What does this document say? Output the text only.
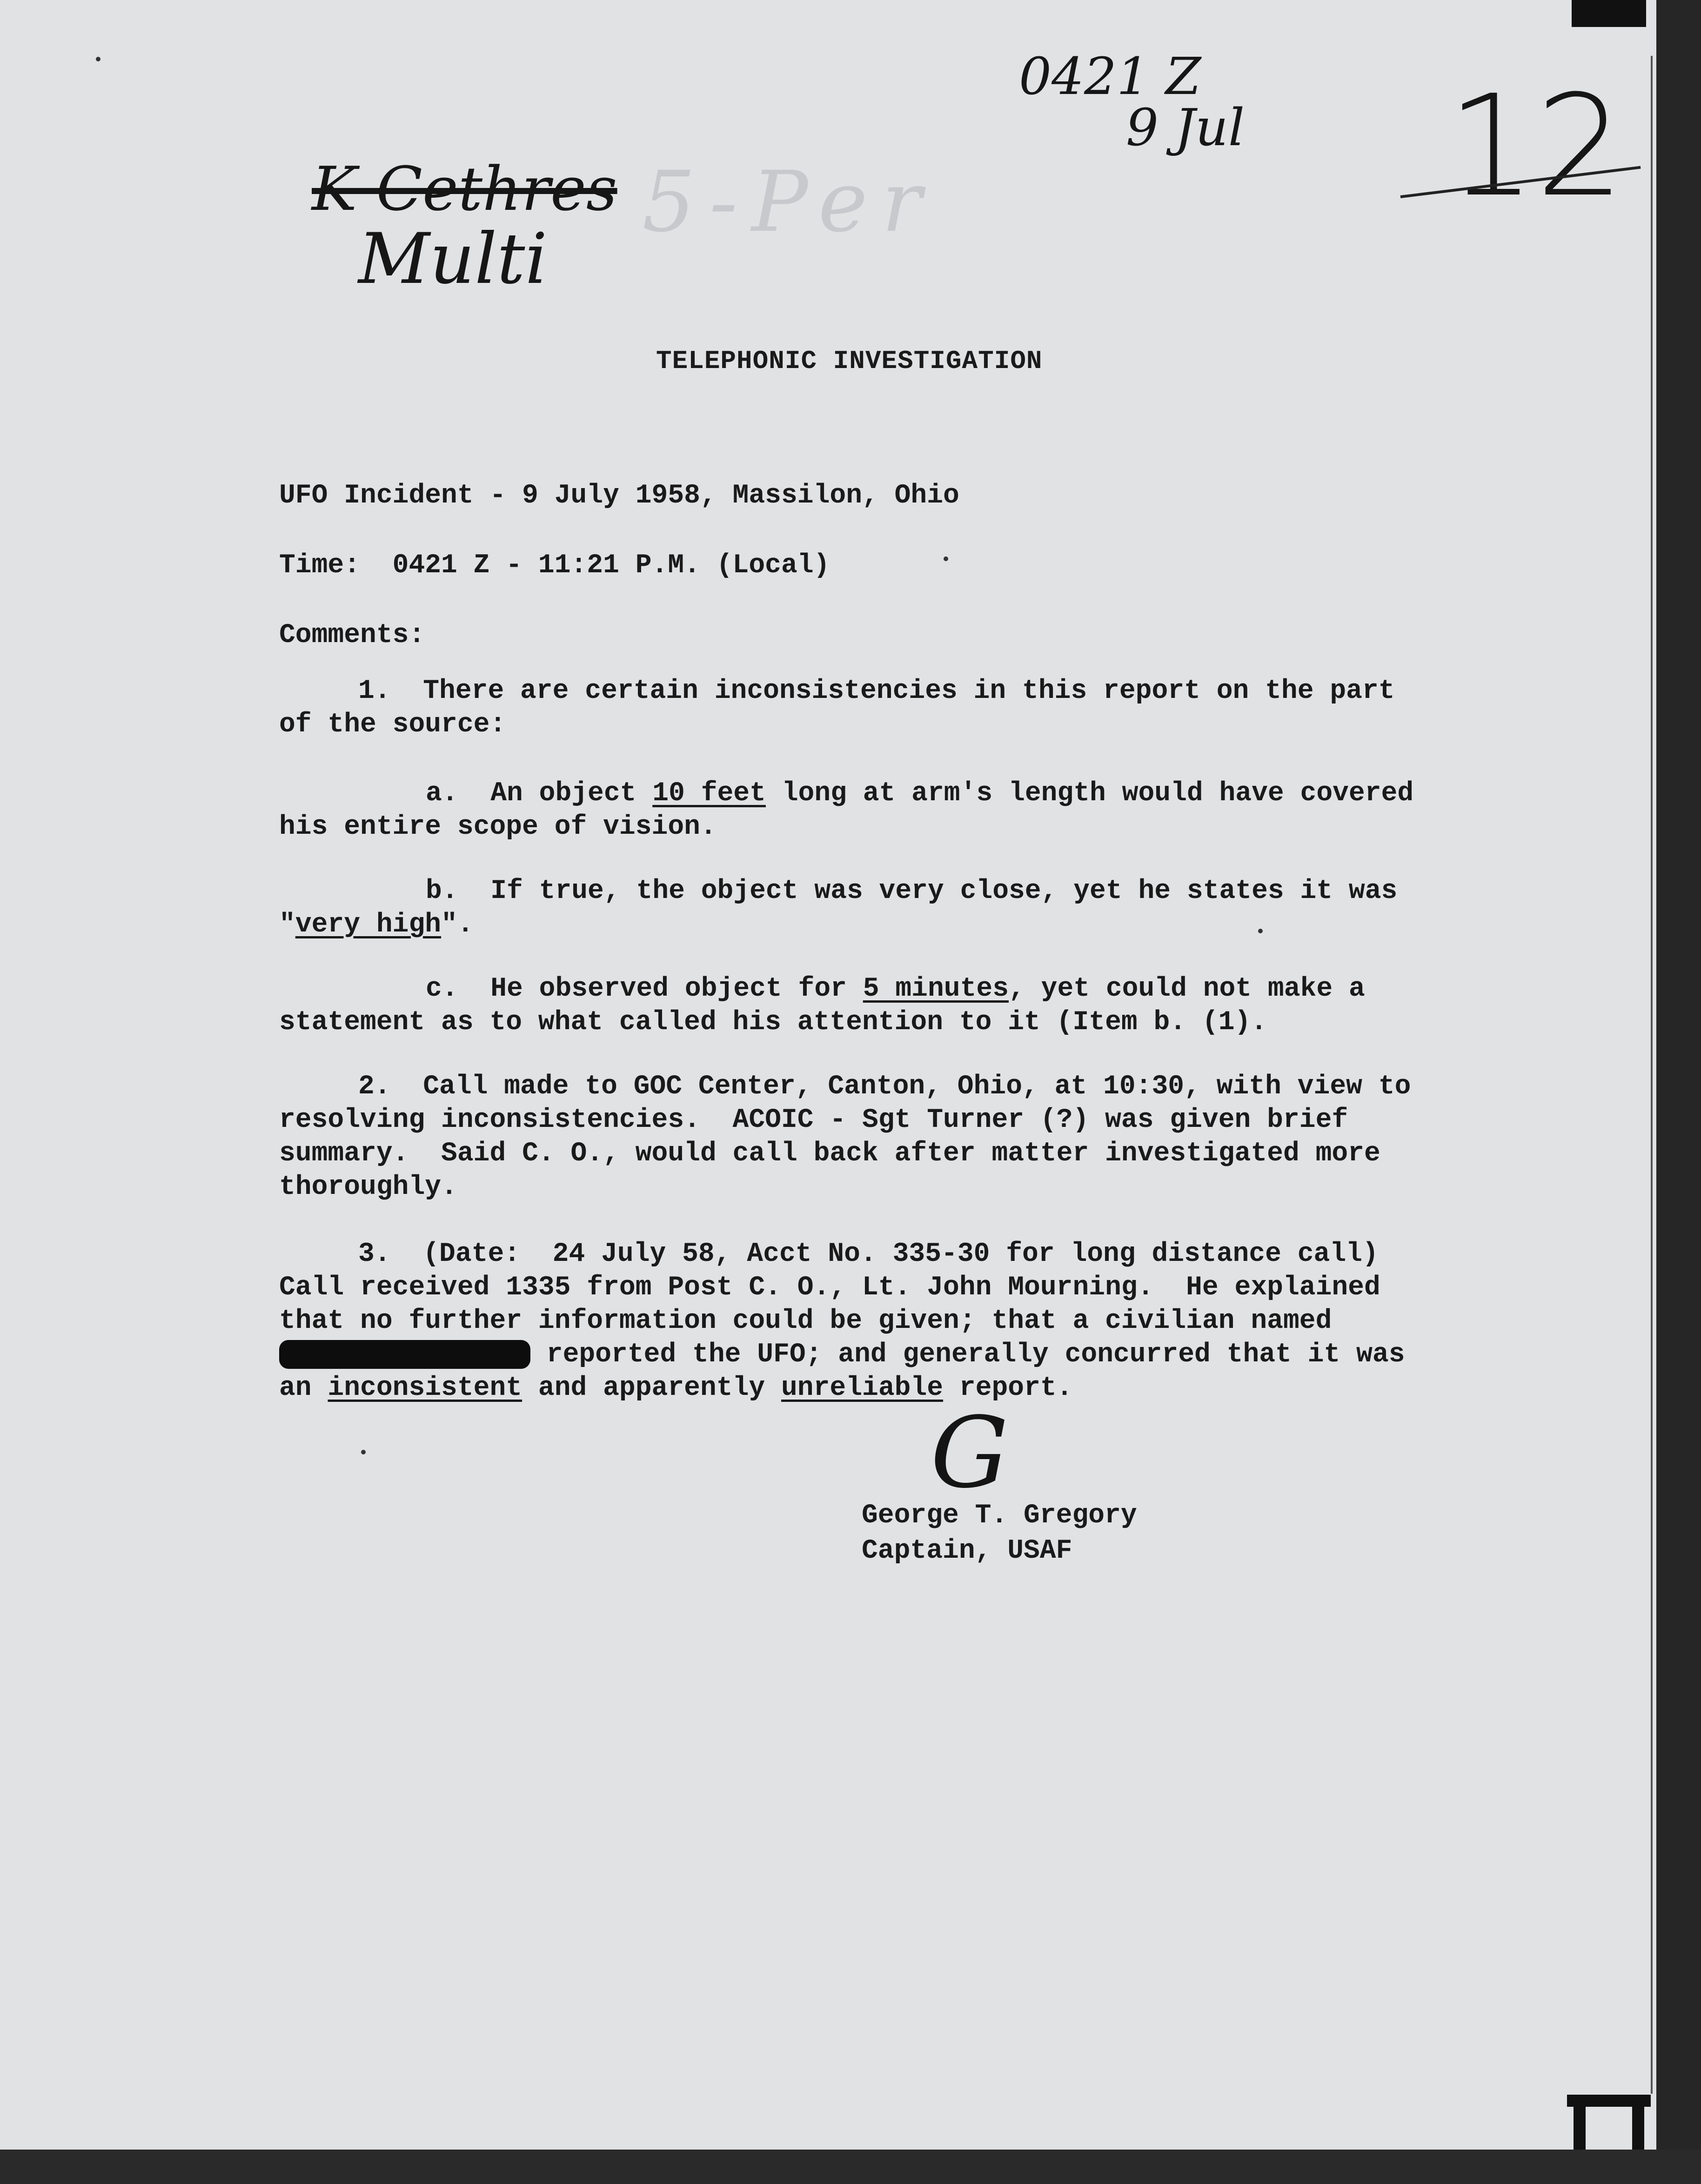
K Cethres
Multi
5-Per
0421 Z
9 Jul 12
TELEPHONIC INVESTIGATION
UFO Incident - 9 July 1958, Massilon, Ohio
Time:  0421 Z - 11:21 P.M. (Local)
Comments:
1.  There are certain inconsistencies in this report on the part
of the source:
a.  An object 10 feet long at arm's length would have covered
his entire scope of vision.
b.  If true, the object was very close, yet he states it was
"very high".
c.  He observed object for 5 minutes, yet could not make a
statement as to what called his attention to it (Item b. (1).
2.  Call made to GOC Center, Canton, Ohio, at 10:30, with view to
resolving inconsistencies.  ACOIC - Sgt Turner (?) was given brief
summary.  Said C. O., would call back after matter investigated more
thoroughly.
3.  (Date:  24 July 58, Acct No. 335-30 for long distance call)
Call received 1335 from Post C. O., Lt. John Mourning.  He explained
that no further information could be given; that a civilian named
reported the UFO; and generally concurred that it was
an inconsistent and apparently unreliable report.
G
George T. Gregory
Captain, USAF
